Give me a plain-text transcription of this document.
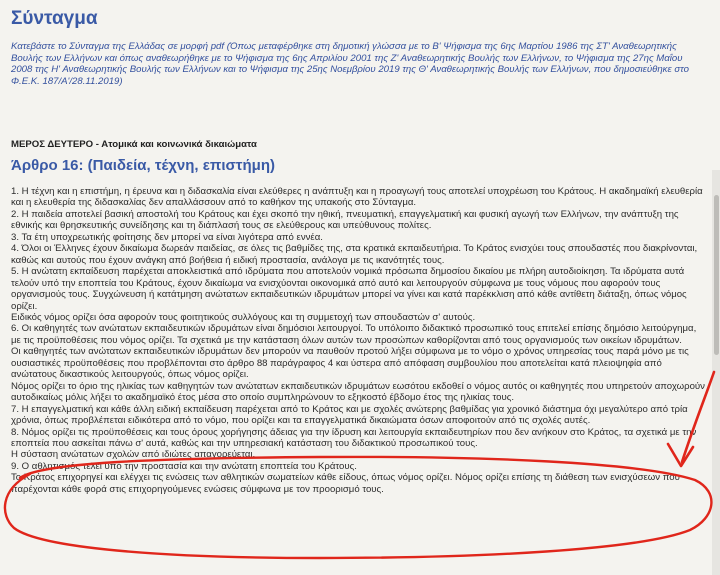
Σύνταγμα
Κατεβάστε το Σύνταγμα της Ελλάδας σε μορφή pdf (Όπως μεταφέρθηκε στη δημοτική γλώσσα με το Β' Ψήφισμα της 6ης Μαρτίου 1986 της ΣΤ' Αναθεωρητικής Βουλής των Ελλήνων και όπως αναθεωρήθηκε με το Ψήφισμα της 6ης Απριλίου 2001 της Ζ' Αναθεωρητικής Βουλής των Ελλήνων, το Ψήφισμα της 27ης Μαΐου 2008 της Η' Αναθεωρητικής Βουλής των Ελλήνων και το Ψήφισμα της 25ης Νοεμβρίου 2019 της Θ' Αναθεωρητικής Βουλής των Ελλήνων, που δημοσιεύθηκε στο Φ.Ε.Κ. 187/Α'/28.11.2019)
ΜΕΡΟΣ ΔΕΥΤΕΡΟ - Ατομικά και κοινωνικά δικαιώματα
Άρθρο 16: (Παιδεία, τέχνη, επιστήμη)

1. Η τέχνη και η επιστήμη, η έρευνα και η διδασκαλία είναι ελεύθερες η ανάπτυξη και η προαγωγή τους αποτελεί υποχρέωση του Κράτους. Η ακαδημαϊκή ελευθερία και η ελευθερία της διδασκαλίας δεν απαλλάσσουν από το καθήκον της υπακοής στο Σύνταγμα.

2. Η παιδεία αποτελεί βασική αποστολή του Κράτους και έχει σκοπό την ηθική, πνευματική, επαγγελματική και φυσική αγωγή των Ελλήνων, την ανάπτυξη της εθνικής και θρησκευτικής συνείδησης και τη διάπλασή τους σε ελεύθερους και υπεύθυνους πολίτες.

3. Τα έτη υποχρεωτικής φοίτησης δεν μπορεί να είναι λιγότερα από εννέα.

4. Όλοι οι Έλληνες έχουν δικαίωμα δωρεάν παιδείας, σε όλες τις βαθμίδες της, στα κρατικά εκπαιδευτήρια. Το Κράτος ενισχύει τους σπουδαστές που διακρίνονται, καθώς και αυτούς που έχουν ανάγκη από βοήθεια ή ειδική προστασία, ανάλογα με τις ικανότητές τους.

5. Η ανώτατη εκπαίδευση παρέχεται αποκλειστικά από ιδρύματα που αποτελούν νομικά πρόσωπα δημοσίου δικαίου με πλήρη αυτοδιοίκηση. Τα ιδρύματα αυτά τελούν υπό την εποπτεία του Κράτους, έχουν δικαίωμα να ενισχύονται οικονομικά από αυτό και λειτουργούν σύμφωνα με τους νόμους που αφορούν τους οργανισμούς τους. Συγχώνευση ή κατάτμηση ανώτατων εκπαιδευτικών ιδρυμάτων μπορεί να γίνει και κατά παρέκκλιση από κάθε αντίθετη διάταξη, όπως νόμος ορίζει.

Ειδικός νόμος ορίζει όσα αφορούν τους φοιτητικούς συλλόγους και τη συμμετοχή των σπουδαστών σ' αυτούς.

6. Οι καθηγητές των ανώτατων εκπαιδευτικών ιδρυμάτων είναι δημόσιοι λειτουργοί. Το υπόλοιπο διδακτικό προσωπικό τους επιτελεί επίσης δημόσιο λειτούργημα, με τις προϋποθέσεις που νόμος ορίζει. Τα σχετικά με την κατάσταση όλων αυτών των προσώπων καθορίζονται από τους οργανισμούς των οικείων ιδρυμάτων.

Οι καθηγητές των ανώτατων εκπαιδευτικών ιδρυμάτων δεν μπορούν να παυθούν προτού λήξει σύμφωνα με το νόμο ο χρόνος υπηρεσίας τους παρά μόνο με τις ουσιαστικές προϋποθέσεις που προβλέπονται στο άρθρο 88 παράγραφος 4 και ύστερα από απόφαση συμβουλίου που αποτελείται κατά πλειοψηφία από ανώτατους δικαστικούς λειτουργούς, όπως νόμος ορίζει.

Νόμος ορίζει το όριο της ηλικίας των καθηγητών των ανώτατων εκπαιδευτικών ιδρυμάτων εωσότου εκδοθεί ο νόμος αυτός οι καθηγητές που υπηρετούν αποχωρούν αυτοδικαίως μόλις λήξει το ακαδημαϊκό έτος μέσα στο οποίο συμπληρώνουν το εξηκοστό έβδομο έτος της ηλικίας τους.

7. Η επαγγελματική και κάθε άλλη ειδική εκπαίδευση παρέχεται από το Κράτος και με σχολές ανώτερης βαθμίδας για χρονικό διάστημα όχι μεγαλύτερο από τρία χρόνια, όπως προβλέπεται ειδικότερα από το νόμο, που ορίζει και τα επαγγελματικά δικαιώματα όσων αποφοιτούν από τις σχολές αυτές.

8. Νόμος ορίζει τις προϋποθέσεις και τους όρους χορήγησης άδειας για την ίδρυση και λειτουργία εκπαιδευτηρίων που δεν ανήκουν στο Κράτος, τα σχετικά με την εποπτεία που ασκείται πάνω σ' αυτά, καθώς και την υπηρεσιακή κατάσταση του διδακτικού προσωπικού τους.

Η σύσταση ανώτατων σχολών από ιδιώτες απαγορεύεται.

9. Ο αθλητισμός τελεί υπό την προστασία και την ανώτατη εποπτεία του Κράτους.

Το Κράτος επιχορηγεί και ελέγχει τις ενώσεις των αθλητικών σωματείων κάθε είδους, όπως νόμος ορίζει. Νόμος ορίζει επίσης τη διάθεση των ενισχύσεων που παρέχονται κάθε φορά στις επιχορηγούμενες ενώσεις σύμφωνα με τον προορισμό τους.
